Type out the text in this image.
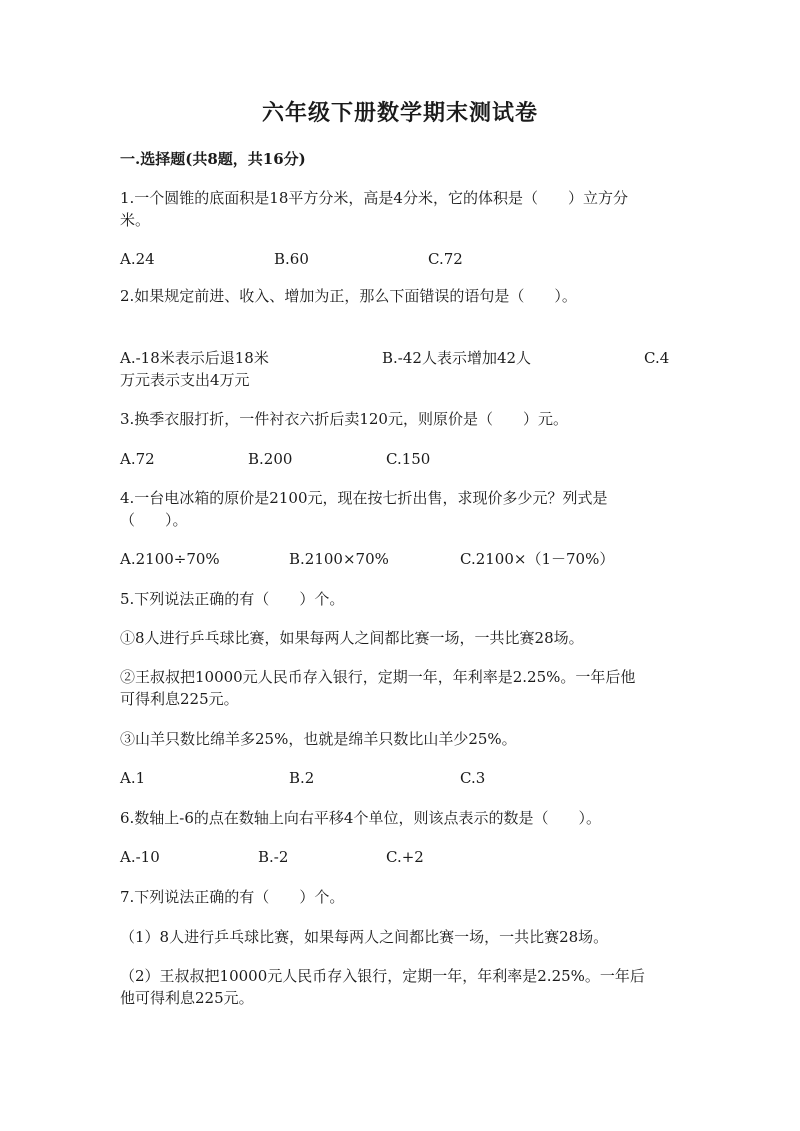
六年级下册数学期末测试卷
一.选择题(共8题，共16分)
1.一个圆锥的底面积是18平方分米，高是4分米，它的体积是（　　）立方分
米。
A.24	B.60	C.72
2.如果规定前进、收入、增加为正，那么下面错误的语句是（　　）。
A.-18米表示后退18米	B.-42人表示增加42人	C.4
万元表示支出4万元
3.换季衣服打折，一件衬衣六折后卖120元，则原价是（　　）元。
A.72	B.200	C.150
4.一台电冰箱的原价是2100元，现在按七折出售，求现价多少元？列式是
（　　）。
A.2100÷70%	B.2100×70%	C.2100×（1－70%）
5.下列说法正确的有（　　）个。
①8人进行乒乓球比赛，如果每两人之间都比赛一场，一共比赛28场。
②王叔叔把10000元人民币存入银行，定期一年，年利率是2.25%。一年后他
可得利息225元。
③山羊只数比绵羊多25%，也就是绵羊只数比山羊少25%。
A.1	B.2	C.3
6.数轴上-6的点在数轴上向右平移4个单位，则该点表示的数是（　　）。
A.-10	B.-2	C.+2
7.下列说法正确的有（　　）个。
（1）8人进行乒乓球比赛，如果每两人之间都比赛一场，一共比赛28场。
（2）王叔叔把10000元人民币存入银行，定期一年，年利率是2.25%。一年后
他可得利息225元。
